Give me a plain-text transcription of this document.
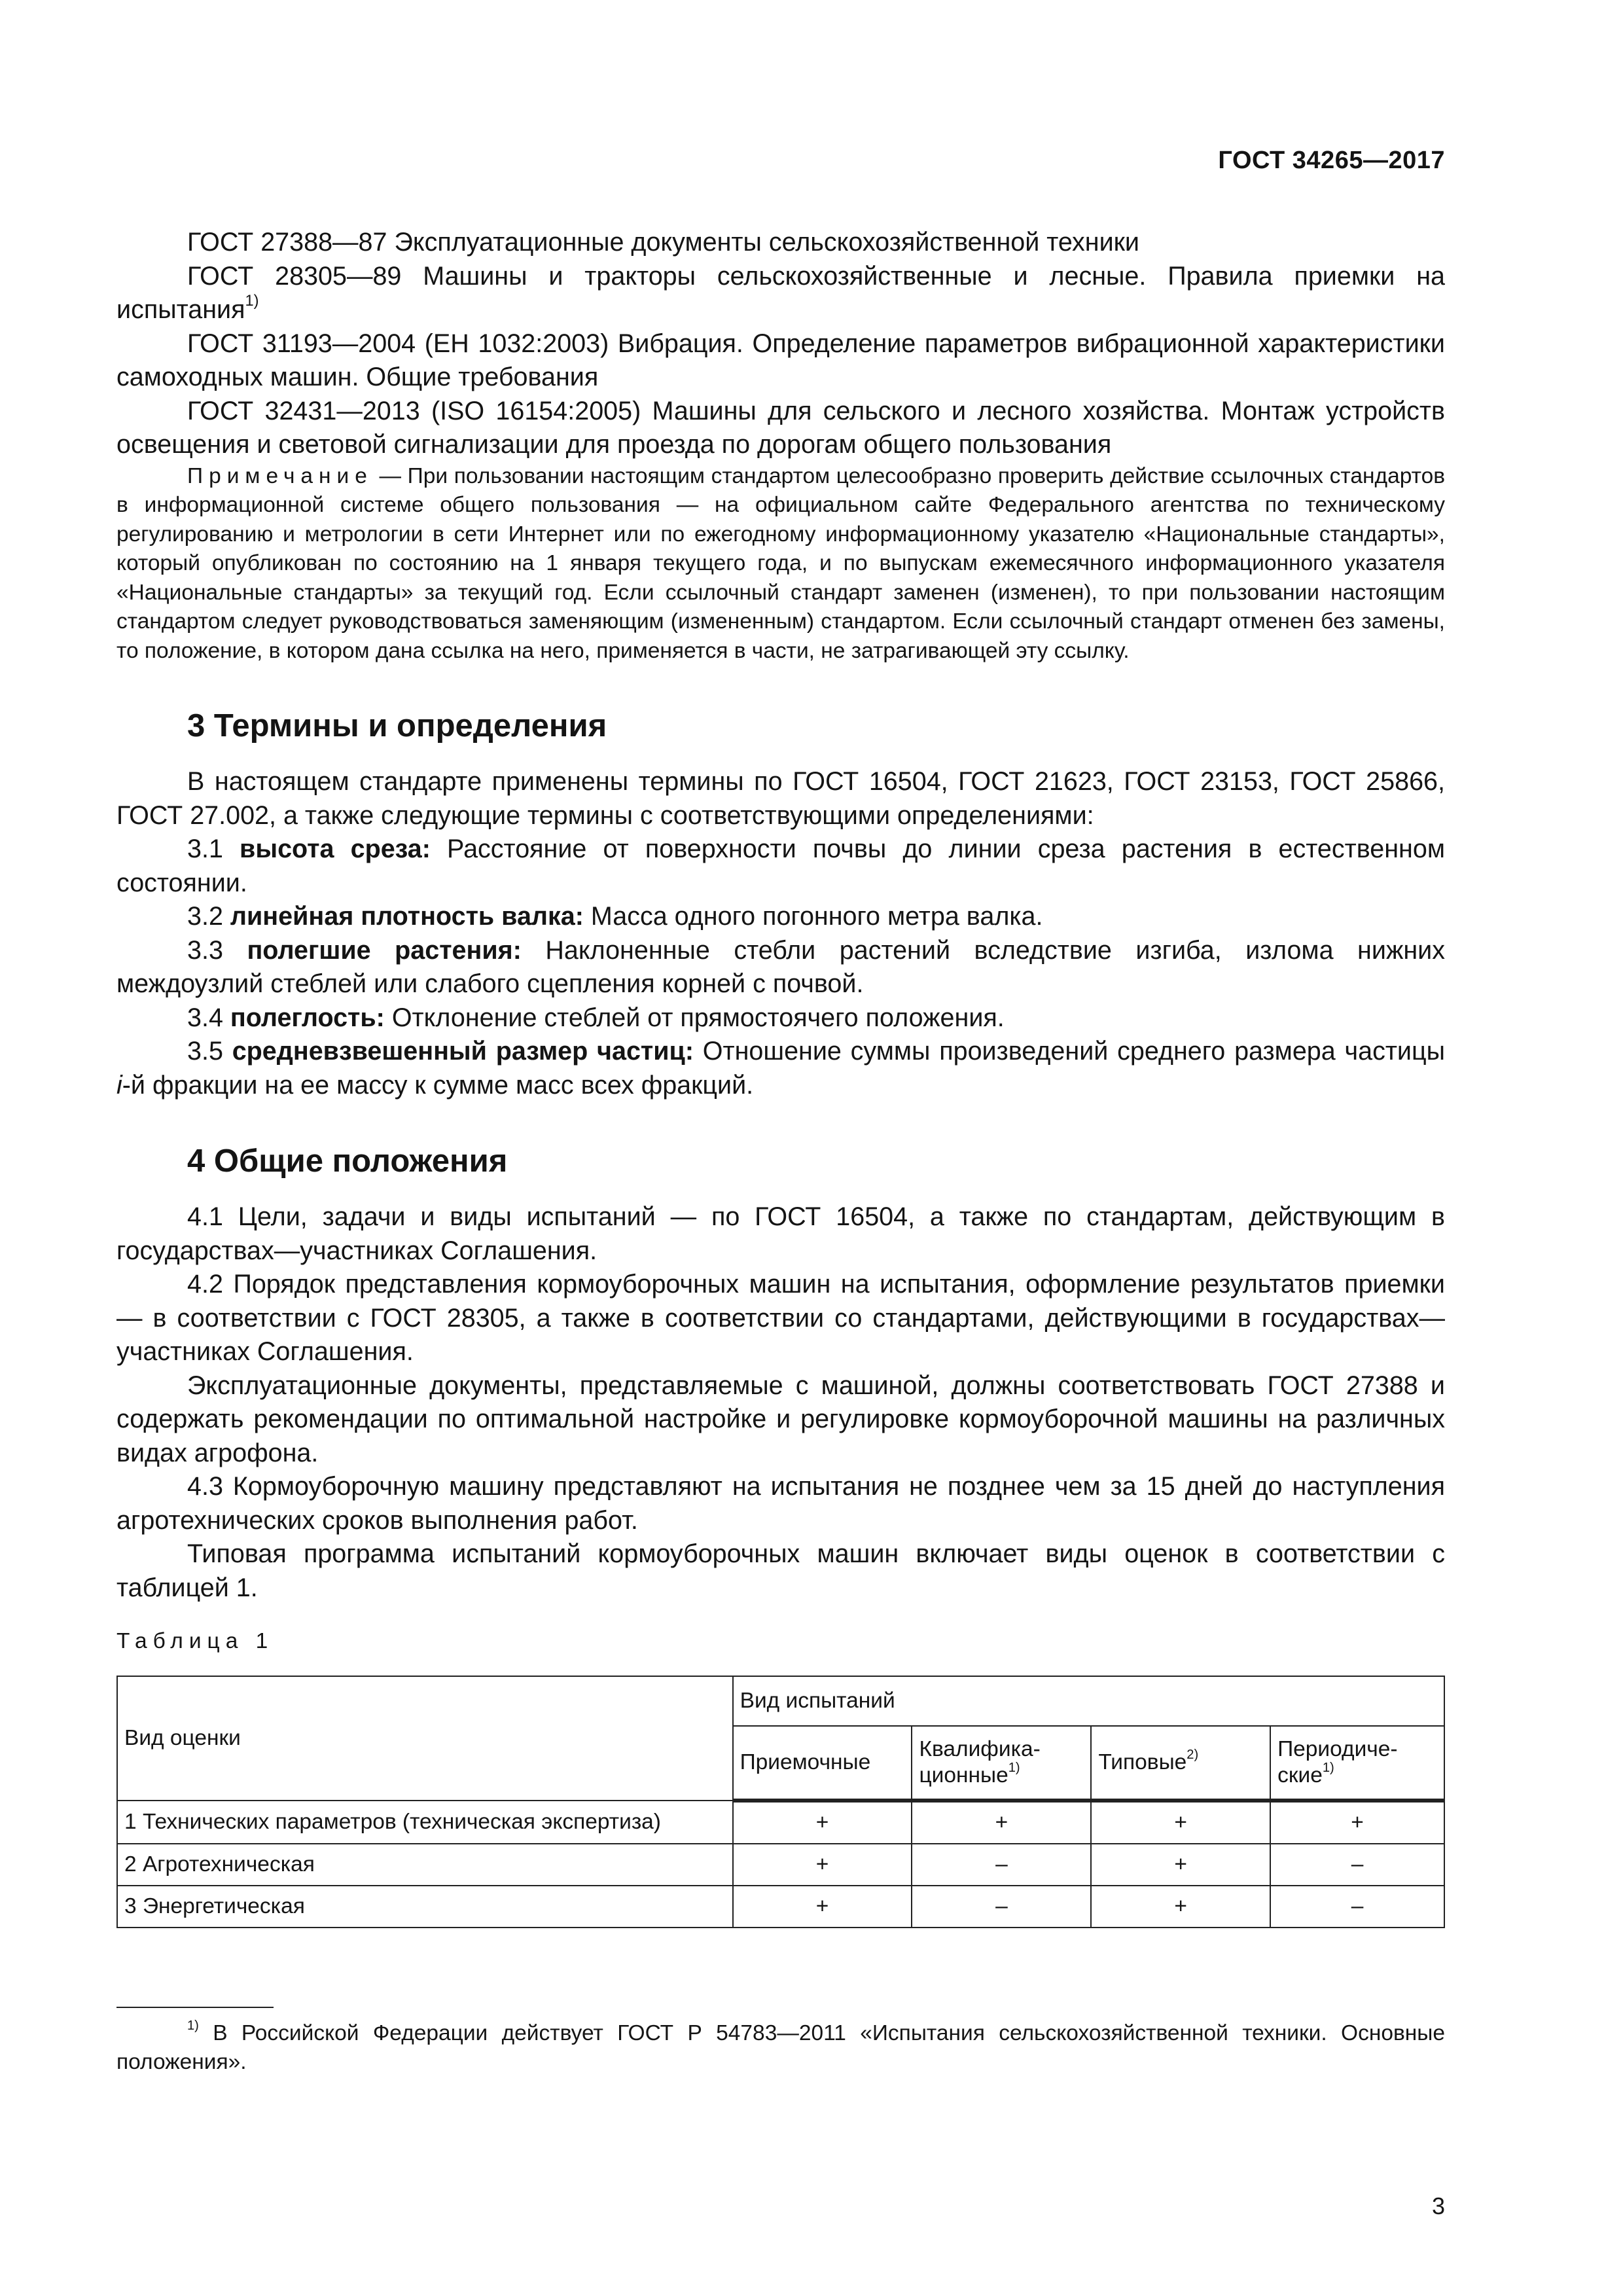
ГОСТ 34265—2017

ГОСТ 27388—87 Эксплуатационные документы сельскохозяйственной техники

ГОСТ 28305—89 Машины и тракторы сельскохозяйственные и лесные. Правила приемки на испытания$^{1)}$

ГОСТ 31193—2004 (ЕН 1032:2003) Вибрация. Определение параметров вибрационной характеристики самоходных машин. Общие требования

ГОСТ 32431—2013 (ISO 16154:2005) Машины для сельского и лесного хозяйства. Монтаж устройств освещения и световой сигнализации для проезда по дорогам общего пользования

Примечание — При пользовании настоящим стандартом целесообразно проверить действие ссылочных стандартов в информационной системе общего пользования — на официальном сайте Федерального агентства по техническому регулированию и метрологии в сети Интернет или по ежегодному информационному указателю «Национальные стандарты», который опубликован по состоянию на 1 января текущего года, и по выпускам ежемесячного информационного указателя «Национальные стандарты» за текущий год. Если ссылочный стандарт заменен (изменен), то при пользовании настоящим стандартом следует руководствоваться заменяющим (измененным) стандартом. Если ссылочный стандарт отменен без замены, то положение, в котором дана ссылка на него, применяется в части, не затрагивающей эту ссылку.

3 Термины и определения

В настоящем стандарте применены термины по ГОСТ 16504, ГОСТ 21623, ГОСТ 23153, ГОСТ 25866, ГОСТ 27.002, а также следующие термины с соответствующими определениями:

3.1 высота среза: Расстояние от поверхности почвы до линии среза растения в естественном состоянии.

3.2 линейная плотность валка: Масса одного погонного метра валка.

3.3 полегшие растения: Наклоненные стебли растений вследствие изгиба, излома нижних междоузлий стеблей или слабого сцепления корней с почвой.

3.4 полеглость: Отклонение стеблей от прямостоячего положения.

3.5 средневзвешенный размер частиц: Отношение суммы произведений среднего размера частицы i-й фракции на ее массу к сумме масс всех фракций.

4 Общие положения

4.1 Цели, задачи и виды испытаний — по ГОСТ 16504, а также по стандартам, действующим в государствах—участниках Соглашения.

4.2 Порядок представления кормоуборочных машин на испытания, оформление результатов приемки — в соответствии с ГОСТ 28305, а также в соответствии со стандартами, действующими в государствах—участниках Соглашения.

Эксплуатационные документы, представляемые с машиной, должны соответствовать ГОСТ 27388 и содержать рекомендации по оптимальной настройке и регулировке кормоуборочной машины на различных видах агрофона.

4.3 Кормоуборочную машину представляют на испытания не позднее чем за 15 дней до наступления агротехнических сроков выполнения работ.

Типовая программа испытаний кормоуборочных машин включает виды оценок в соответствии с таблицей 1.

Таблица 1
Вид оценки	Вид испытаний			
	Приемочные	Квалифика-ционные$^{1)}$	Типовые$^{2)}$	Периодиче-ские$^{1)}$
1 Технических параметров (техническая экспертиза)	+	+	+	+
2 Агротехническая	+	–	+	–
3 Энергетическая	+	–	+	–
$^{1)}$ В Российской Федерации действует ГОСТ Р 54783—2011 «Испытания сельскохозяйственной техники. Основные положения».
3
